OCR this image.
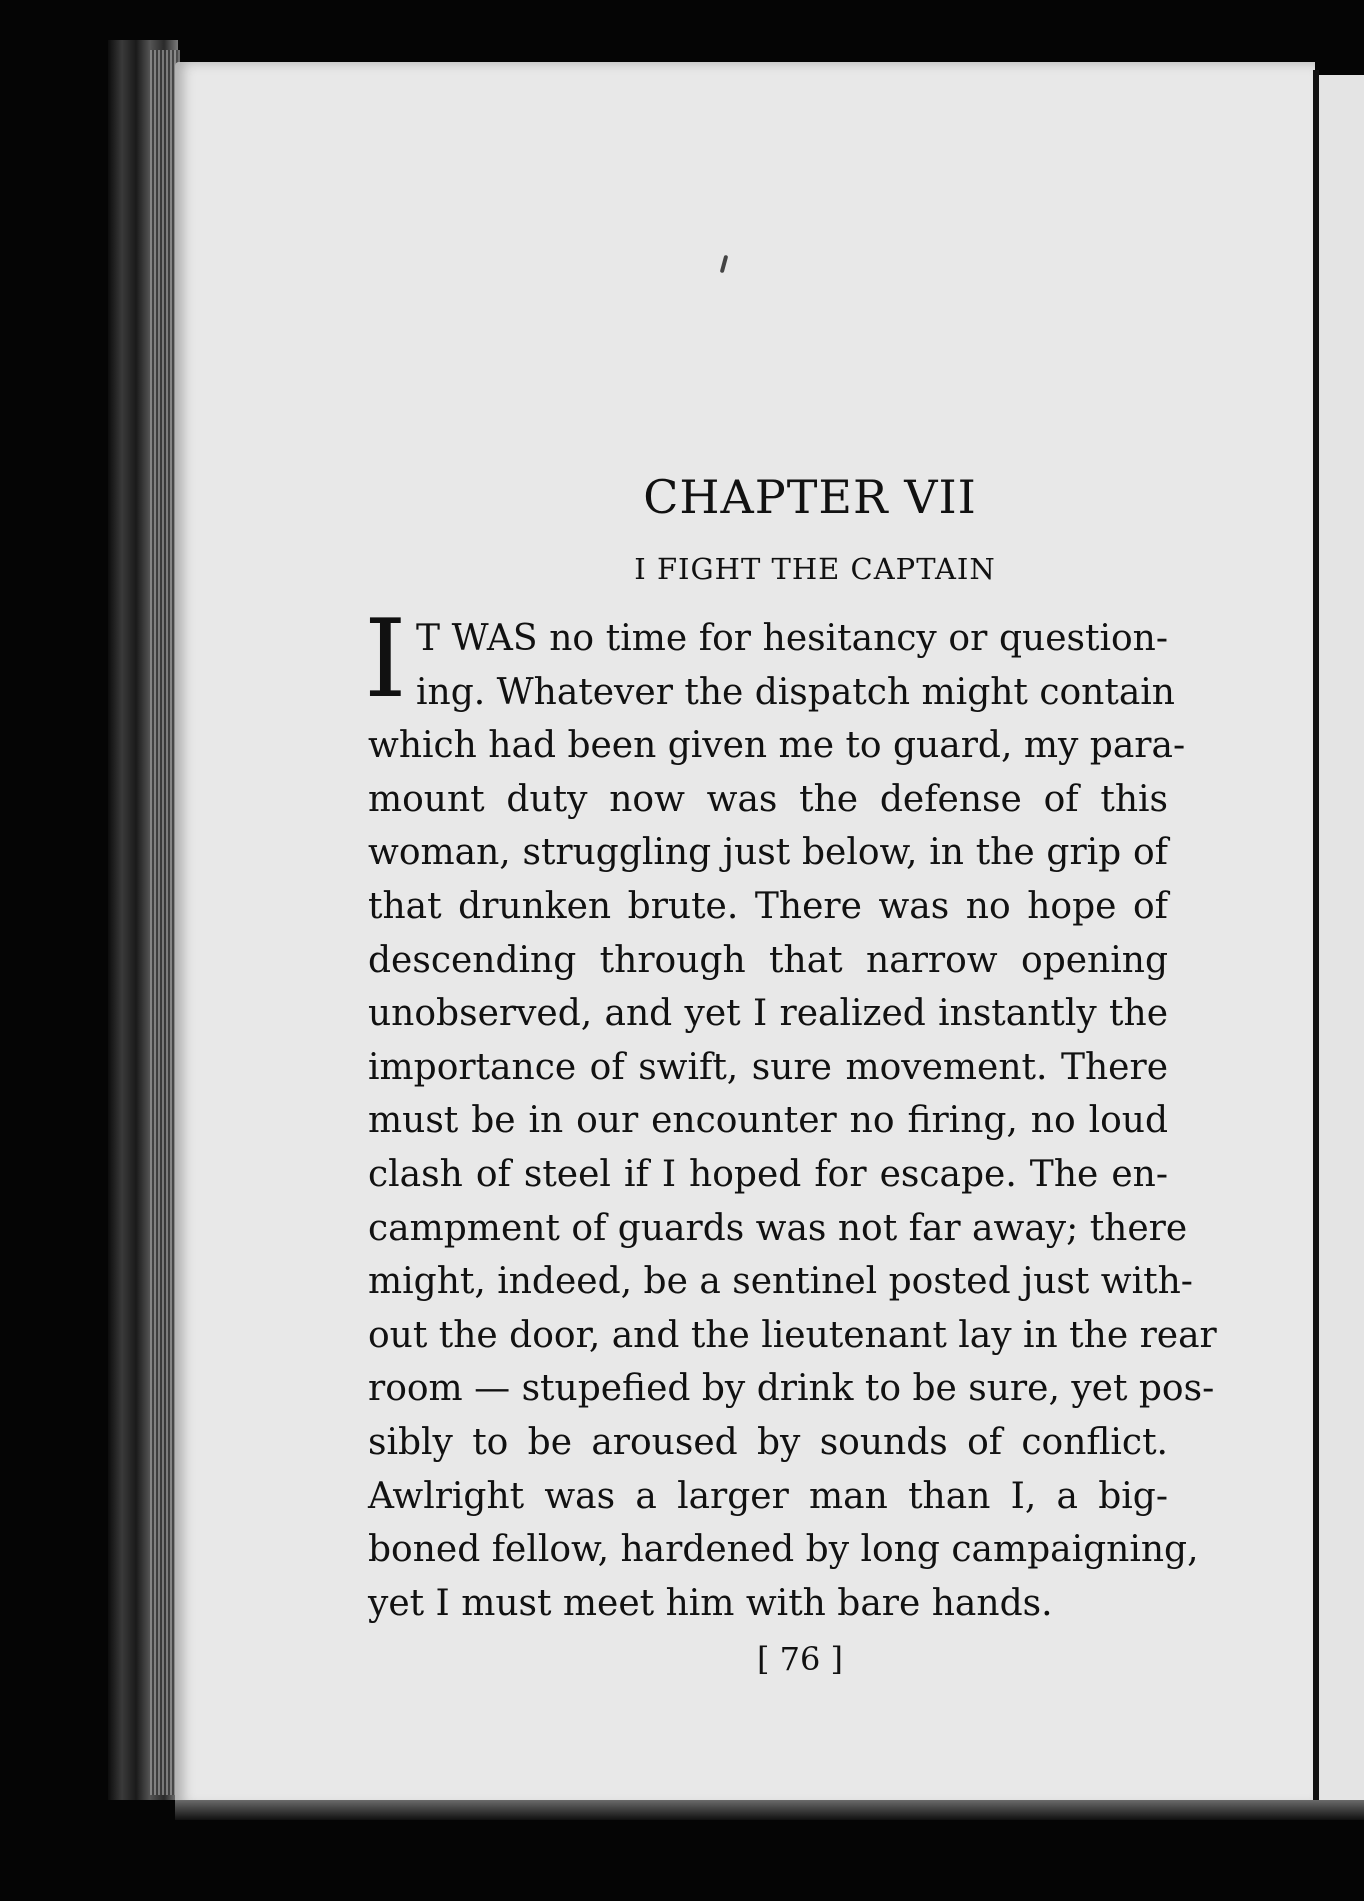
CHAPTER VII
I FIGHT THE CAPTAIN
I T WAS no time for hesitancy or question-
ing. Whatever the dispatch might contain
which had been given me to guard, my para-
mount duty now was the defense of this
woman, struggling just below, in the grip of
that drunken brute. There was no hope of
descending through that narrow opening
unobserved, and yet I realized instantly the
importance of swift, sure movement. There
must be in our encounter no firing, no loud
clash of steel if I hoped for escape. The en-
campment of guards was not far away; there
might, indeed, be a sentinel posted just with-
out the door, and the lieutenant lay in the rear
room — stupefied by drink to be sure, yet pos-
sibly to be aroused by sounds of conflict.
Awlright was a larger man than I, a big-
boned fellow, hardened by long campaigning,
yet I must meet him with bare hands.
[ 76 ]
